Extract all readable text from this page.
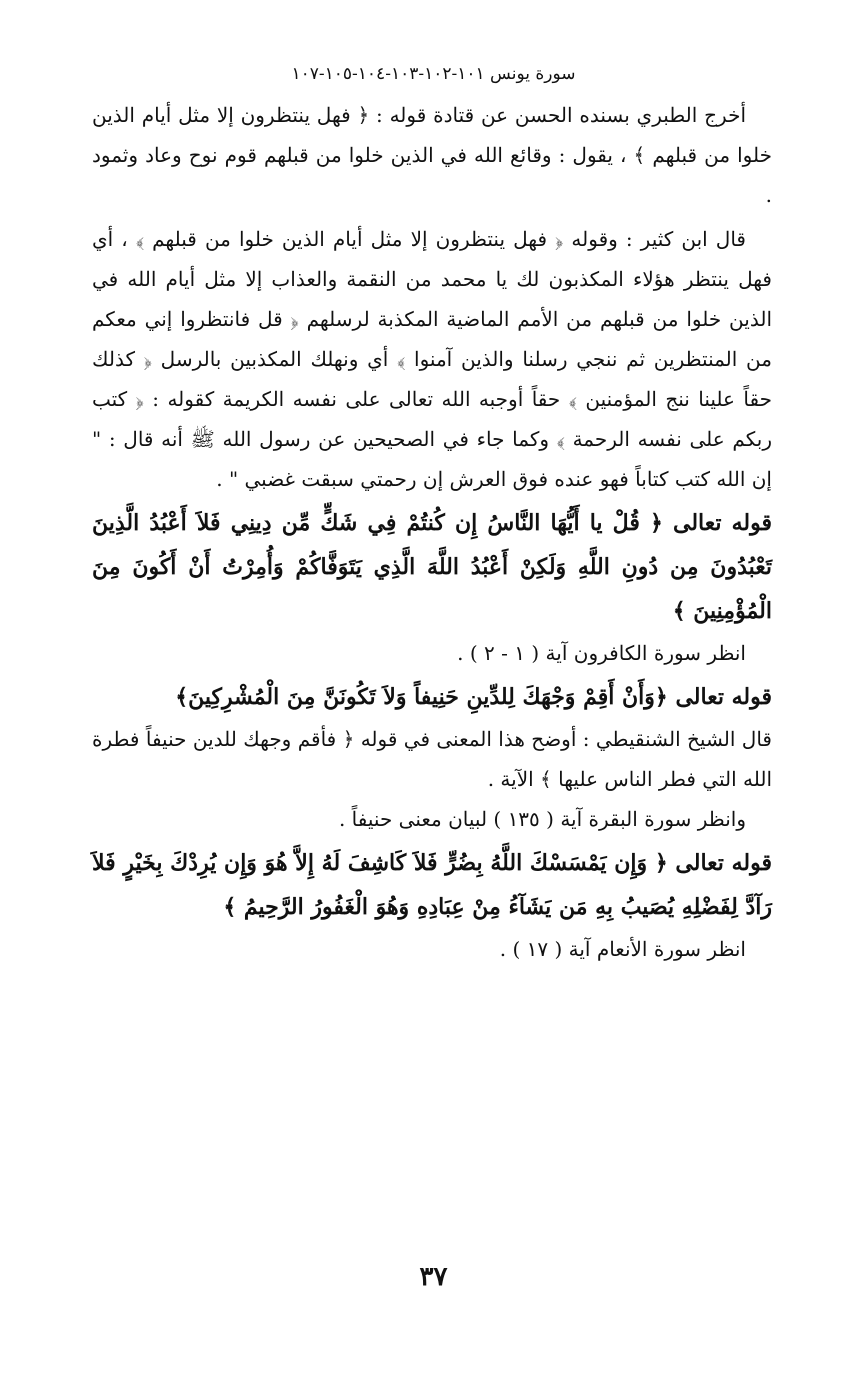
سورة يونس ١٠١-١٠٢-١٠٣-١٠٤-١٠٥-١٠٧

أخرج الطبري بسنده الحسن عن قتادة قوله : ﴿ فهل ينتظرون إلا مثل أيام الذين خلوا من قبلهم ﴾ ، يقول : وقائع الله في الذين خلوا من قبلهم قوم نوح وعاد وثمود .

قال ابن كثير : وقوله ﴿ فهل ينتظرون إلا مثل أيام الذين خلوا من قبلهم ﴾ ، أي فهل ينتظر هؤلاء المكذبون لك يا محمد من النقمة والعذاب إلا مثل أيام الله في الذين خلوا من قبلهم من الأمم الماضية المكذبة لرسلهم ﴿ قل فانتظروا إني معكم من المنتظرين ثم ننجي رسلنا والذين آمنوا ﴾ أي ونهلك المكذبين بالرسل ﴿ كذلك حقاً علينا ننج المؤمنين ﴾ حقاً أوجبه الله تعالى على نفسه الكريمة كقوله : ﴿ كتب ربكم على نفسه الرحمة ﴾ وكما جاء في الصحيحين عن رسول الله ﷺ أنه قال : " إن الله كتب كتاباً فهو عنده فوق العرش إن رحمتي سبقت غضبي " .

قوله تعالى ﴿ قُلْ يا أَيُّهَا النَّاسُ إِن كُنتُمْ فِي شَكٍّ مِّن دِينِي فَلاَ أَعْبُدُ الَّذِينَ تَعْبُدُونَ مِن دُونِ اللَّهِ وَلَكِنْ أَعْبُدُ اللَّهَ الَّذِي يَتَوَفَّاكُمْ وَأُمِرْتُ أَنْ أَكُونَ مِنَ الْمُؤْمِنِينَ ﴾

انظر سورة الكافرون آية ( ١ - ٢ ) .

قوله تعالى ﴿وَأَنْ أَقِمْ وَجْهَكَ لِلدِّينِ حَنِيفاً وَلاَ تَكُونَنَّ مِنَ الْمُشْرِكِينَ﴾

قال الشيخ الشنقيطي : أوضح هذا المعنى في قوله ﴿ فأقم وجهك للدين حنيفاً فطرة الله التي فطر الناس عليها ﴾ الآية .

وانظر سورة البقرة آية ( ١٣٥ ) لبيان معنى حنيفاً .

قوله تعالى ﴿ وَإِن يَمْسَسْكَ اللَّهُ بِضُرٍّ فَلاَ كَاشِفَ لَهُ إِلاَّ هُوَ وَإِن يُرِدْكَ بِخَيْرٍ فَلاَ رَآدَّ لِفَضْلِهِ يُصَيبُ بِهِ مَن يَشَآءُ مِنْ عِبَادِهِ وَهُوَ الْغَفُورُ الرَّحِيمُ ﴾

انظر سورة الأنعام آية ( ١٧ ) .

٣٧
